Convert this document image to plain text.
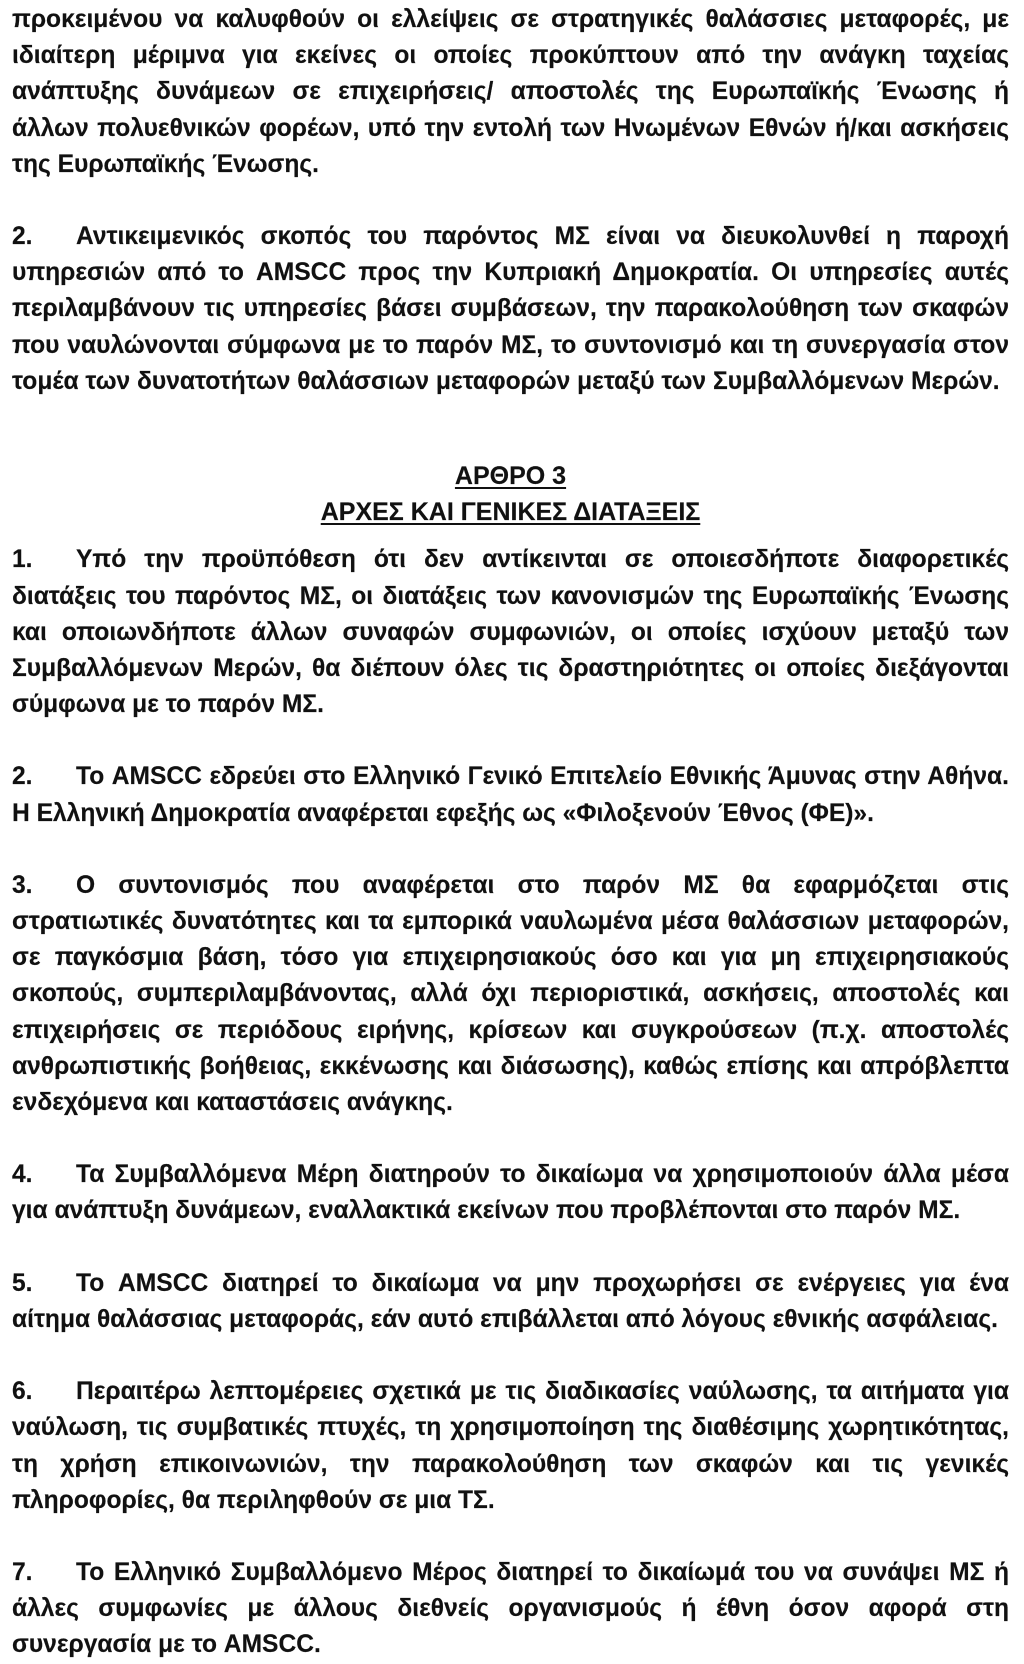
προκειμένου να καλυφθούν οι ελλείψεις σε στρατηγικές θαλάσσιες μεταφορές, με ιδιαίτερη μέριμνα για εκείνες οι οποίες προκύπτουν από την ανάγκη ταχείας ανάπτυξης δυνάμεων σε επιχειρήσεις/ αποστολές της Ευρωπαϊκής Ένωσης ή άλλων πολυεθνικών φορέων, υπό την εντολή των Ηνωμένων Εθνών ή/και ασκήσεις της Ευρωπαϊκής Ένωσης.

2. Αντικειμενικός σκοπός του παρόντος ΜΣ είναι να διευκολυνθεί η παροχή υπηρεσιών από το AMSCC προς την Κυπριακή Δημοκρατία. Οι υπηρεσίες αυτές περιλαμβάνουν τις υπηρεσίες βάσει συμβάσεων, την παρακολούθηση των σκαφών που ναυλώνονται σύμφωνα με το παρόν ΜΣ, το συντονισμό και τη συνεργασία στον τομέα των δυνατοτήτων θαλάσσιων μεταφορών μεταξύ των Συμβαλλόμενων Μερών.

ΑΡΘΡΟ 3

ΑΡΧΕΣ ΚΑΙ ΓΕΝΙΚΕΣ ΔΙΑΤΑΞΕΙΣ

1. Υπό την προϋπόθεση ότι δεν αντίκεινται σε οποιεσδήποτε διαφορετικές διατάξεις του παρόντος ΜΣ, οι διατάξεις των κανονισμών της Ευρωπαϊκής Ένωσης και οποιωνδήποτε άλλων συναφών συμφωνιών, οι οποίες ισχύουν μεταξύ των Συμβαλλόμενων Μερών, θα διέπουν όλες τις δραστηριότητες οι οποίες διεξάγονται σύμφωνα με το παρόν ΜΣ.

2. Το AMSCC εδρεύει στο Ελληνικό Γενικό Επιτελείο Εθνικής Άμυνας στην Αθήνα. Η Ελληνική Δημοκρατία αναφέρεται εφεξής ως «Φιλοξενούν Έθνος (ΦΕ)».

3. Ο συντονισμός που αναφέρεται στο παρόν ΜΣ θα εφαρμόζεται στις στρατιωτικές δυνατότητες και τα εμπορικά ναυλωμένα μέσα θαλάσσιων μεταφορών, σε παγκόσμια βάση, τόσο για επιχειρησιακούς όσο και για μη επιχειρησιακούς σκοπούς, συμπεριλαμβάνοντας, αλλά όχι περιοριστικά, ασκήσεις, αποστολές και επιχειρήσεις σε περιόδους ειρήνης, κρίσεων και συγκρούσεων (π.χ. αποστολές ανθρωπιστικής βοήθειας, εκκένωσης και διάσωσης), καθώς επίσης και απρόβλεπτα ενδεχόμενα και καταστάσεις ανάγκης.

4. Τα Συμβαλλόμενα Μέρη διατηρούν το δικαίωμα να χρησιμοποιούν άλλα μέσα για ανάπτυξη δυνάμεων, εναλλακτικά εκείνων που προβλέπονται στο παρόν ΜΣ.

5. Το AMSCC διατηρεί το δικαίωμα να μην προχωρήσει σε ενέργειες για ένα αίτημα θαλάσσιας μεταφοράς, εάν αυτό επιβάλλεται από λόγους εθνικής ασφάλειας.

6. Περαιτέρω λεπτομέρειες σχετικά με τις διαδικασίες ναύλωσης, τα αιτήματα για ναύλωση, τις συμβατικές πτυχές, τη χρησιμοποίηση της διαθέσιμης χωρητικότητας, τη χρήση επικοινωνιών, την παρακολούθηση των σκαφών και τις γενικές πληροφορίες, θα περιληφθούν σε μια ΤΣ.

7. Το Ελληνικό Συμβαλλόμενο Μέρος διατηρεί το δικαίωμά του να συνάψει ΜΣ ή άλλες συμφωνίες με άλλους διεθνείς οργανισμούς ή έθνη όσον αφορά στη συνεργασία με το AMSCC.
